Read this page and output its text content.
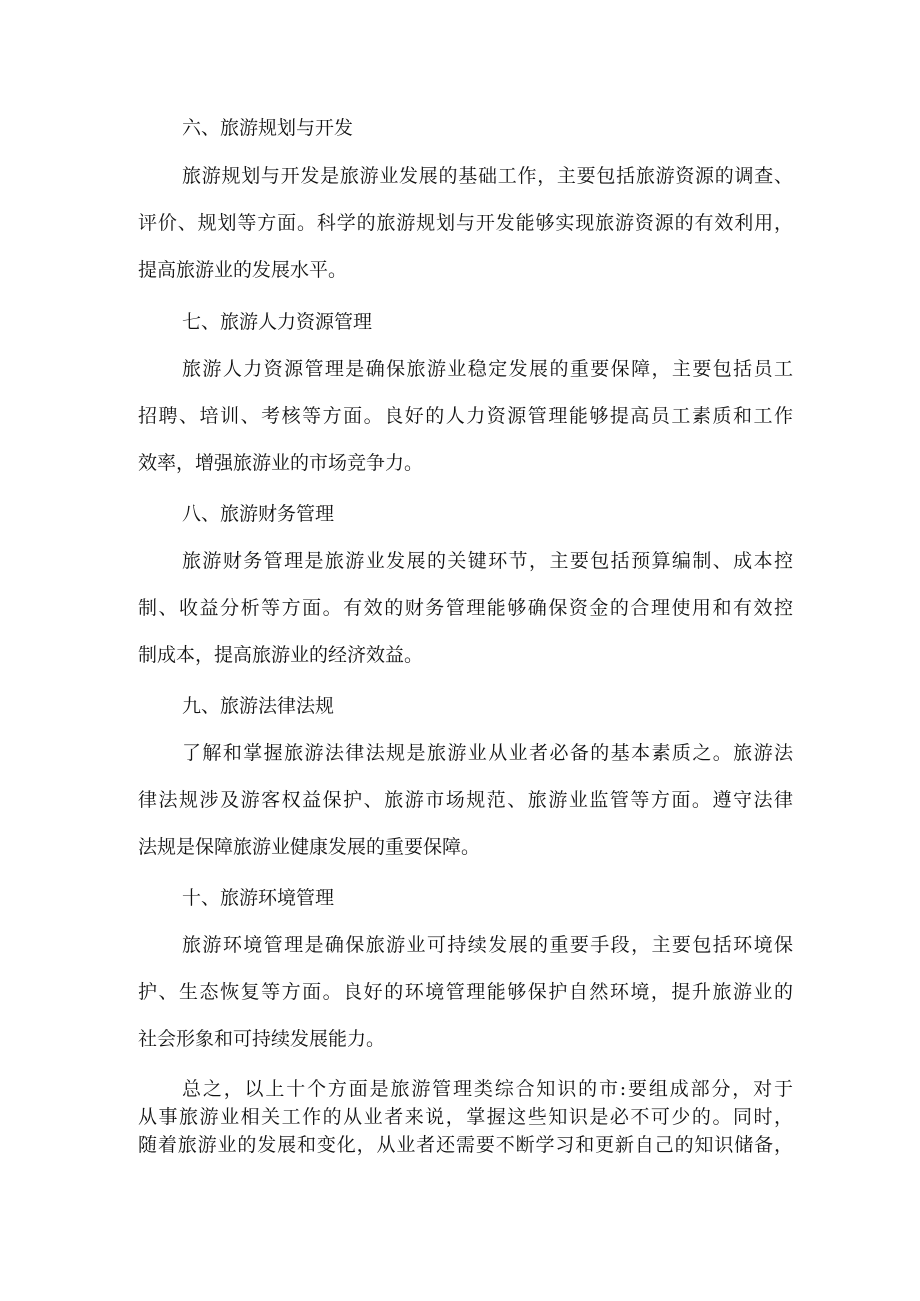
六、旅游规划与开发

旅游规划与开发是旅游业发展的基础工作，主要包括旅游资源的调查、

评价、规划等方面。科学的旅游规划与开发能够实现旅游资源的有效利用，

提高旅游业的发展水平。

七、旅游人力资源管理

旅游人力资源管理是确保旅游业稳定发展的重要保障，主要包括员工

招聘、培训、考核等方面。良好的人力资源管理能够提高员工素质和工作

效率，增强旅游业的市场竞争力。

八、旅游财务管理

旅游财务管理是旅游业发展的关键环节，主要包括预算编制、成本控

制、收益分析等方面。有效的财务管理能够确保资金的合理使用和有效控

制成本，提高旅游业的经济效益。

九、旅游法律法规

了解和掌握旅游法律法规是旅游业从业者必备的基本素质之。旅游法

律法规涉及游客权益保护、旅游市场规范、旅游业监管等方面。遵守法律

法规是保障旅游业健康发展的重要保障。

十、旅游环境管理

旅游环境管理是确保旅游业可持续发展的重要手段，主要包括环境保

护、生态恢复等方面。良好的环境管理能够保护自然环境，提升旅游业的

社会形象和可持续发展能力。

总之，以上十个方面是旅游管理类综合知识的市:要组成部分，对于

从事旅游业相关工作的从业者来说，掌握这些知识是必不可少的。同时，

随着旅游业的发展和变化，从业者还需要不断学习和更新自己的知识储备，
